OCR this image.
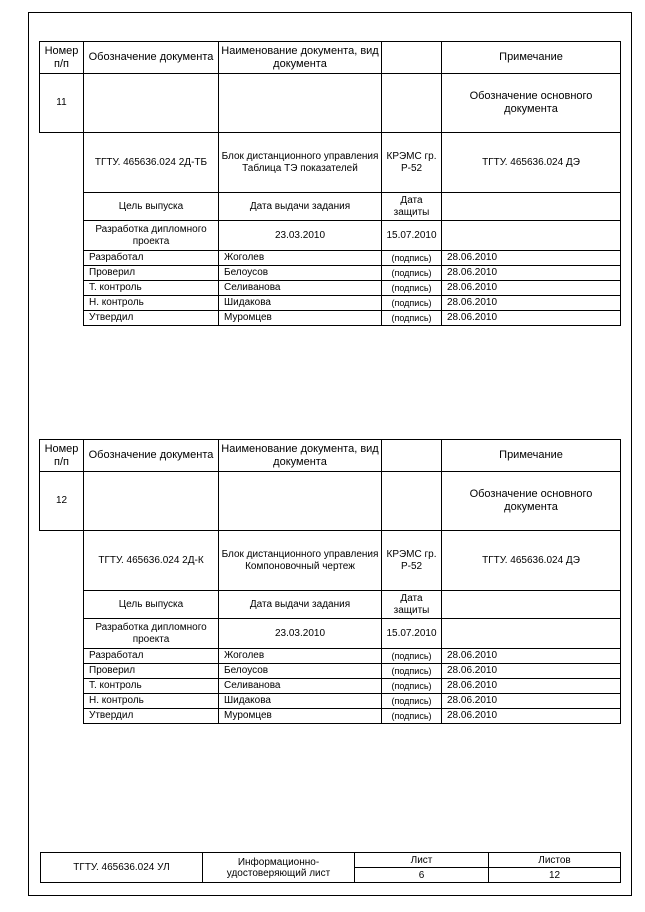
Номер п/п	Обозначение документа	Наименование документа, вид документа		Примечание
11				Обозначение основного документа
	ТГТУ. 465636.024 2Д-ТБ	Блок дистанционного управления Таблица ТЭ показателей	КРЭМС гр. Р-52	ТГТУ. 465636.024 ДЭ
	Цель выпуска	Дата выдачи задания	Дата защиты	
	Разработка дипломного проекта	23.03.2010	15.07.2010	
	Разработал	Жоголев	(подпись)	28.06.2010
	Проверил	Белоусов	(подпись)	28.06.2010
	Т. контроль	Селиванова	(подпись)	28.06.2010
	Н. контроль	Шидакова	(подпись)	28.06.2010
	Утвердил	Муромцев	(подпись)	28.06.2010
Номер п/п	Обозначение документа	Наименование документа, вид документа		Примечание
12				Обозначение основного документа
	ТГТУ. 465636.024 2Д-К	Блок дистанционного управления Компоновочный чертеж	КРЭМС гр. Р-52	ТГТУ. 465636.024 ДЭ
	Цель выпуска	Дата выдачи задания	Дата защиты	
	Разработка дипломного проекта	23.03.2010	15.07.2010	
	Разработал	Жоголев	(подпись)	28.06.2010
	Проверил	Белоусов	(подпись)	28.06.2010
	Т. контроль	Селиванова	(подпись)	28.06.2010
	Н. контроль	Шидакова	(подпись)	28.06.2010
	Утвердил	Муромцев	(подпись)	28.06.2010
ТГТУ. 465636.024 УЛ	Информационно-удостоверяющий лист	Лист	Листов
		6	12
